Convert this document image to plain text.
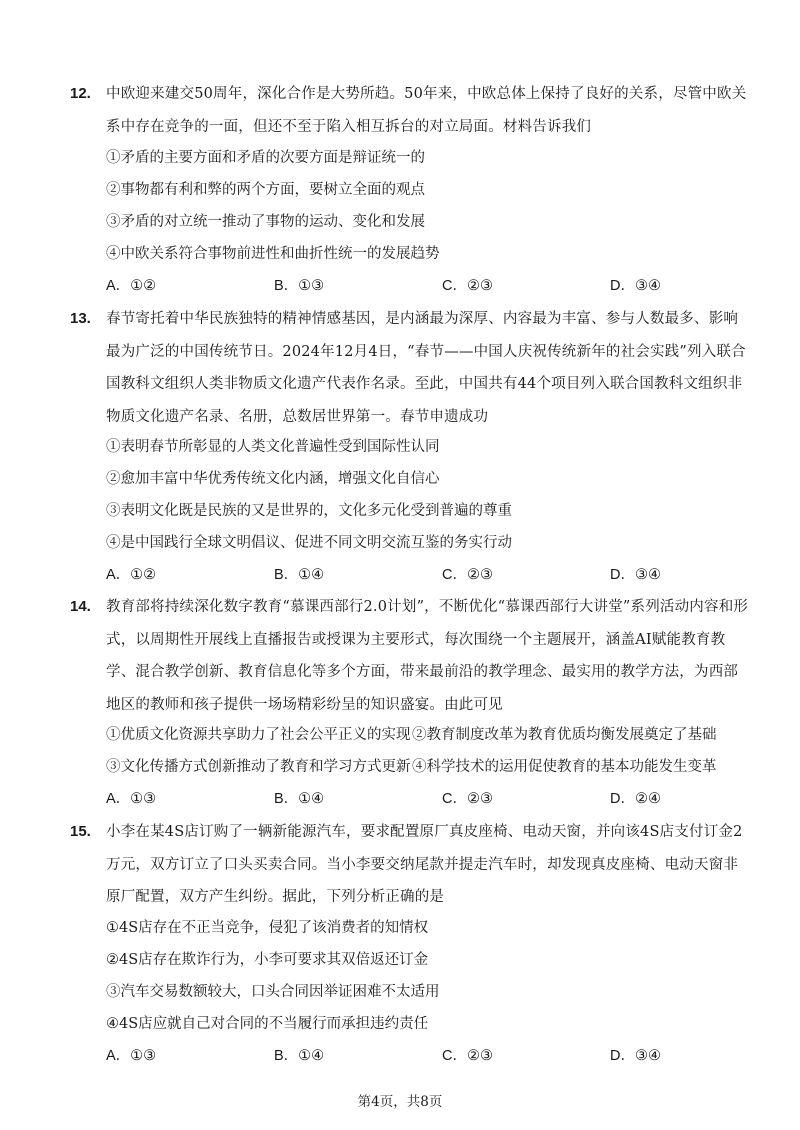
12.	中欧迎来建交50周年，深化合作是大势所趋。50年来，中欧总体上保持了良好的关系，尽管中欧关系中存在竞争的一面，但还不至于陷入相互拆台的对立局面。材料告诉我们

①矛盾的主要方面和矛盾的次要方面是辩证统一的
②事物都有利和弊的两个方面，要树立全面的观点
③矛盾的对立统一推动了事物的运动、变化和发展
④中欧关系符合事物前进性和曲折性统一的发展趋势
A．①②	B．①③	C．②③	D．③④
13.	春节寄托着中华民族独特的精神情感基因，是内涵最为深厚、内容最为丰富、参与人数最多、影响最为广泛的中国传统节日。2024年12月4日，“春节——中国人庆祝传统新年的社会实践”列入联合国教科文组织人类非物质文化遗产代表作名录。至此，中国共有44个项目列入联合国教科文组织非物质文化遗产名录、名册，总数居世界第一。春节申遗成功

①表明春节所彰显的人类文化普遍性受到国际性认同
②愈加丰富中华优秀传统文化内涵，增强文化自信心
③表明文化既是民族的又是世界的，文化多元化受到普遍的尊重
④是中国践行全球文明倡议、促进不同文明交流互鉴的务实行动
A．①②	B．①④	C．②③	D．③④
14.	教育部将持续深化数字教育“慕课西部行2.0计划”，不断优化“慕课西部行大讲堂”系列活动内容和形式，以周期性开展线上直播报告或授课为主要形式，每次围绕一个主题展开，涵盖AI赋能教育教学、混合教学创新、教育信息化等多个方面，带来最前沿的教学理念、最实用的教学方法，为西部地区的教师和孩子提供一场场精彩纷呈的知识盛宴。由此可见

①优质文化资源共享助力了社会公平正义的实现 ②教育制度改革为教育优质均衡发展奠定了基础
③文化传播方式创新推动了教育和学习方式更新 ④科学技术的运用促使教育的基本功能发生变革
A．①③	B．①④	C．②③	D．②④
15.	小李在某4S店订购了一辆新能源汽车，要求配置原厂真皮座椅、电动天窗，并向该4S店支付订金2万元，双方订立了口头买卖合同。当小李要交纳尾款并提走汽车时，却发现真皮座椅、电动天窗非原厂配置，双方产生纠纷。据此，下列分析正确的是

①4S店存在不正当竞争，侵犯了该消费者的知情权
②4S店存在欺诈行为，小李可要求其双倍返还订金
③汽车交易数额较大，口头合同因举证困难不太适用
④4S店应就自己对合同的不当履行而承担违约责任
A．①③	B．①④	C．②③	D．③④
第4页，共8页
